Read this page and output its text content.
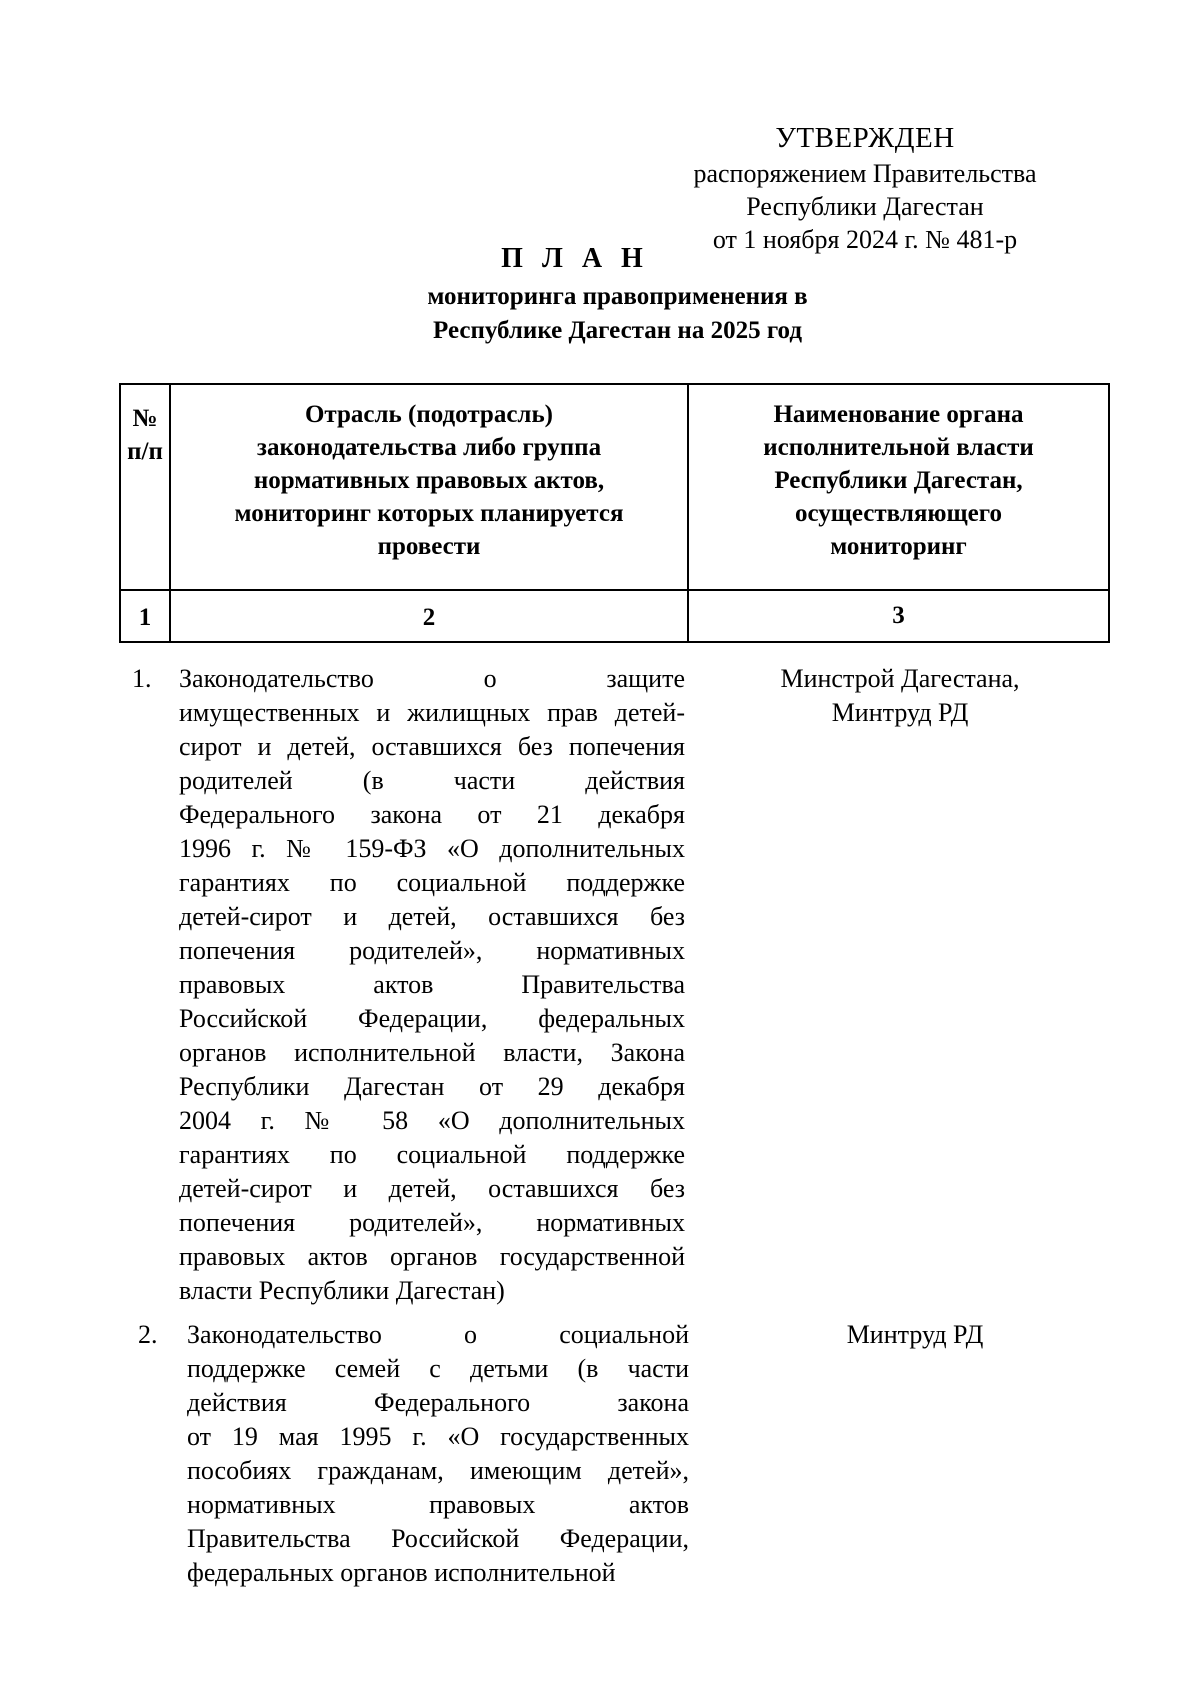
УТВЕРЖДЕН
распоряжением Правительства
Республики Дагестан
от 1 ноября 2024 г. № 481-р
П Л А Н
мониторинга правоприменения в
Республике Дагестан на 2025 год
№
п/п
Отрасль (подотрасль)
законодательства либо группа
нормативных правовых актов,
мониторинг которых планируется
провести
Наименование органа
исполнительной власти
Республики Дагестан,
осуществляющего
мониторинг
1	2	3
1. Законодательство о защите
имущественных и жилищных прав детей-
сирот и детей, оставшихся без попечения
родителей (в части действия
Федерального закона от 21 декабря
1996 г. № 159-ФЗ «О дополнительных
гарантиях по социальной поддержке
детей-сирот и детей, оставшихся без
попечения родителей», нормативных
правовых актов Правительства
Российской Федерации, федеральных
органов исполнительной власти, Закона
Республики Дагестан от 29 декабря
2004 г. № 58 «О дополнительных
гарантиях по социальной поддержке
детей-сирот и детей, оставшихся без
попечения родителей», нормативных
правовых актов органов государственной
власти Республики Дагестан)
Минстрой Дагестана,
Минтруд РД
2. Законодательство о социальной
поддержке семей с детьми (в части
действия Федерального закона
от 19 мая 1995 г. «О государственных
пособиях гражданам, имеющим детей»,
нормативных правовых актов
Правительства Российской Федерации,
федеральных органов исполнительной
Минтруд РД
